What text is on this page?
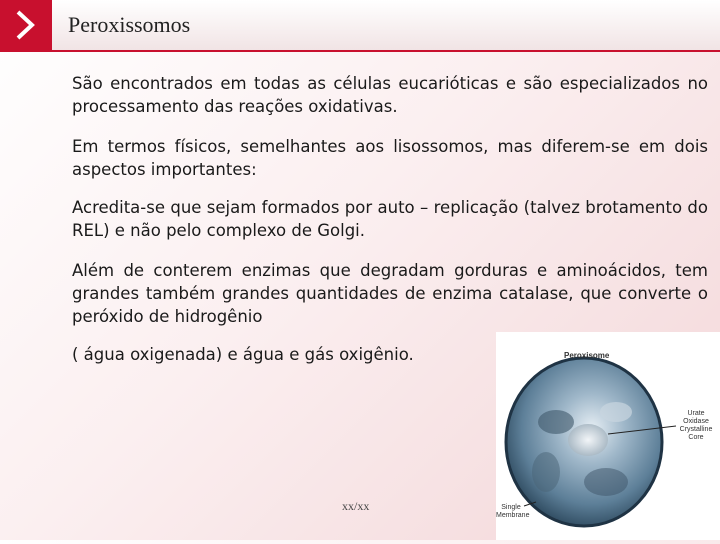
Peroxissomos
São encontrados em todas as células eucarióticas e são especializados no processamento das reações oxidativas.
Em termos físicos, semelhantes aos lisossomos, mas diferem-se em dois aspectos importantes:
Acredita-se que sejam formados por auto – replicação (talvez brotamento do REL) e não pelo complexo de Golgi.
Além de conterem enzimas que degradam gorduras e aminoácidos, tem grandes também grandes quantidades de enzima catalase, que converte o peróxido de hidrogênio
( água oxigenada) e água e gás oxigênio.	Peroxisome
Urate Oxidase Crystalline Core
Single Membrane
xx/xx
